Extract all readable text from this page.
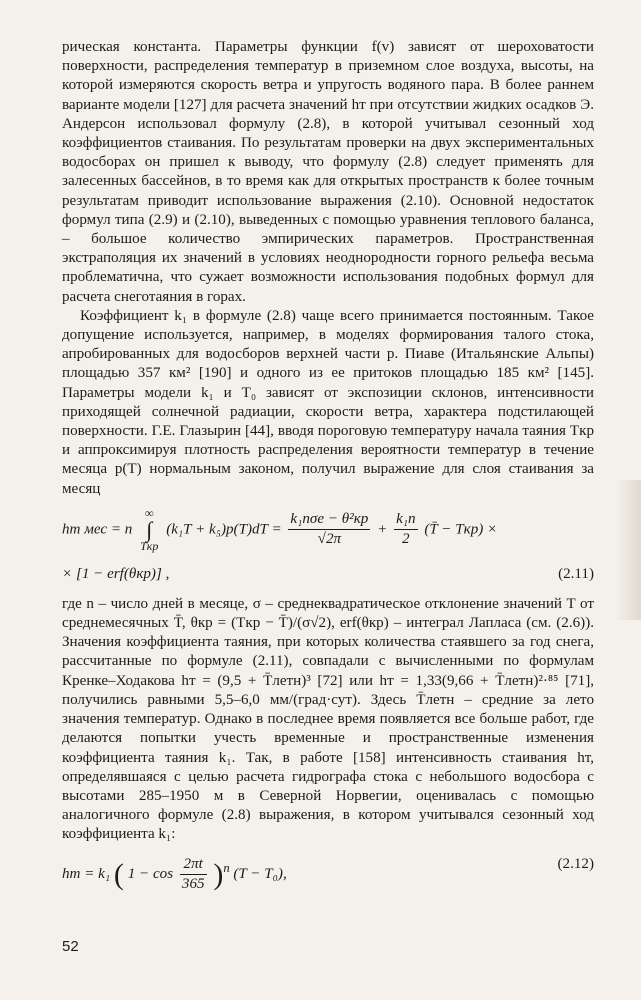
рическая константа. Параметры функции f(v) зависят от шероховатости поверхности, распределения температур в приземном слое воздуха, высоты, на которой измеряются скорость ветра и упругость водяного пара. В более раннем варианте модели [127] для расчета значений hт при отсутствии жидких осадков Э. Андерсон использовал формулу (2.8), в которой учитывал сезонный ход коэффициентов стаивания. По результатам проверки на двух экспериментальных водосборах он пришел к выводу, что формулу (2.8) следует применять для залесенных бассейнов, в то время как для открытых пространств к более точным результатам приводит использование выражения (2.10). Основной недостаток формул типа (2.9) и (2.10), выведенных с помощью уравнения теплового баланса, – большое количество эмпирических параметров. Пространственная экстраполяция их значений в условиях неоднородности горного рельефа весьма проблематична, что сужает возможности использования подобных формул для расчета снеготаяния в горах.

Коэффициент k₁ в формуле (2.8) чаще всего принимается постоянным. Такое допущение используется, например, в моделях формирования талого стока, апробированных для водосборов верхней части р. Пиаве (Итальянские Альпы) площадью 357 км² [190] и одного из ее притоков площадью 185 км² [145]. Параметры модели k₁ и T₀ зависят от экспозиции склонов, интенсивности приходящей солнечной радиации, скорости ветра, характера подстилающей поверхности. Г.Е. Глазырин [44], вводя пороговую температуру начала таяния Tкр и аппроксимируя плотность распределения вероятности температур в течение месяца p(T) нормальным законом, получил выражение для слоя стаивания за месяц

hт мес = n ∞
∫
Tкр $(k_1T + k_5)p(T)dT = \frac{\text{k₁nσe − θ²кр}}{√2\pi} + \frac{\text{k₁n}}{2}$ (T̄ − Tкр) ×
× [1 − erf(θкр)] ,	(2.11)

где n – число дней в месяце, σ – среднеквадратическое отклонение значений T от среднемесячных T̄, θкр = (Tкр − T̄)/(σ√2), erf(θкр) – интеграл Лапласа (см. (2.6)). Значения коэффициента таяния, при которых количества стаявшего за год снега, рассчитанные по формуле (2.11), совпадали с вычисленными по формулам Кренке–Ходакова hт = (9,5 + T̄летн)³ [72] или hт = 1,33(9,66 + T̄летн)²·⁸⁵ [71], получились равными 5,5–6,0 мм/(град·сут). Здесь T̄летн – средние за лето значения температур. Однако в последнее время появляется все больше работ, где делаются попытки учесть временные и пространственные изменения коэффициента таяния k₁. Так, в работе [158] интенсивность стаивания hт, определявшаяся с целью расчета гидрографа стока с небольшого водосбора с высотами 285–1950 м в Северной Норвегии, оценивалась с помощью аналогичного формуле (2.8) выражения, в котором учитывался сезонный ход коэффициента k₁:

hт = k₁ ( $1 - \cos \frac{2\pi t}{365} )^n$ (T − T₀),
(2.12)
52
